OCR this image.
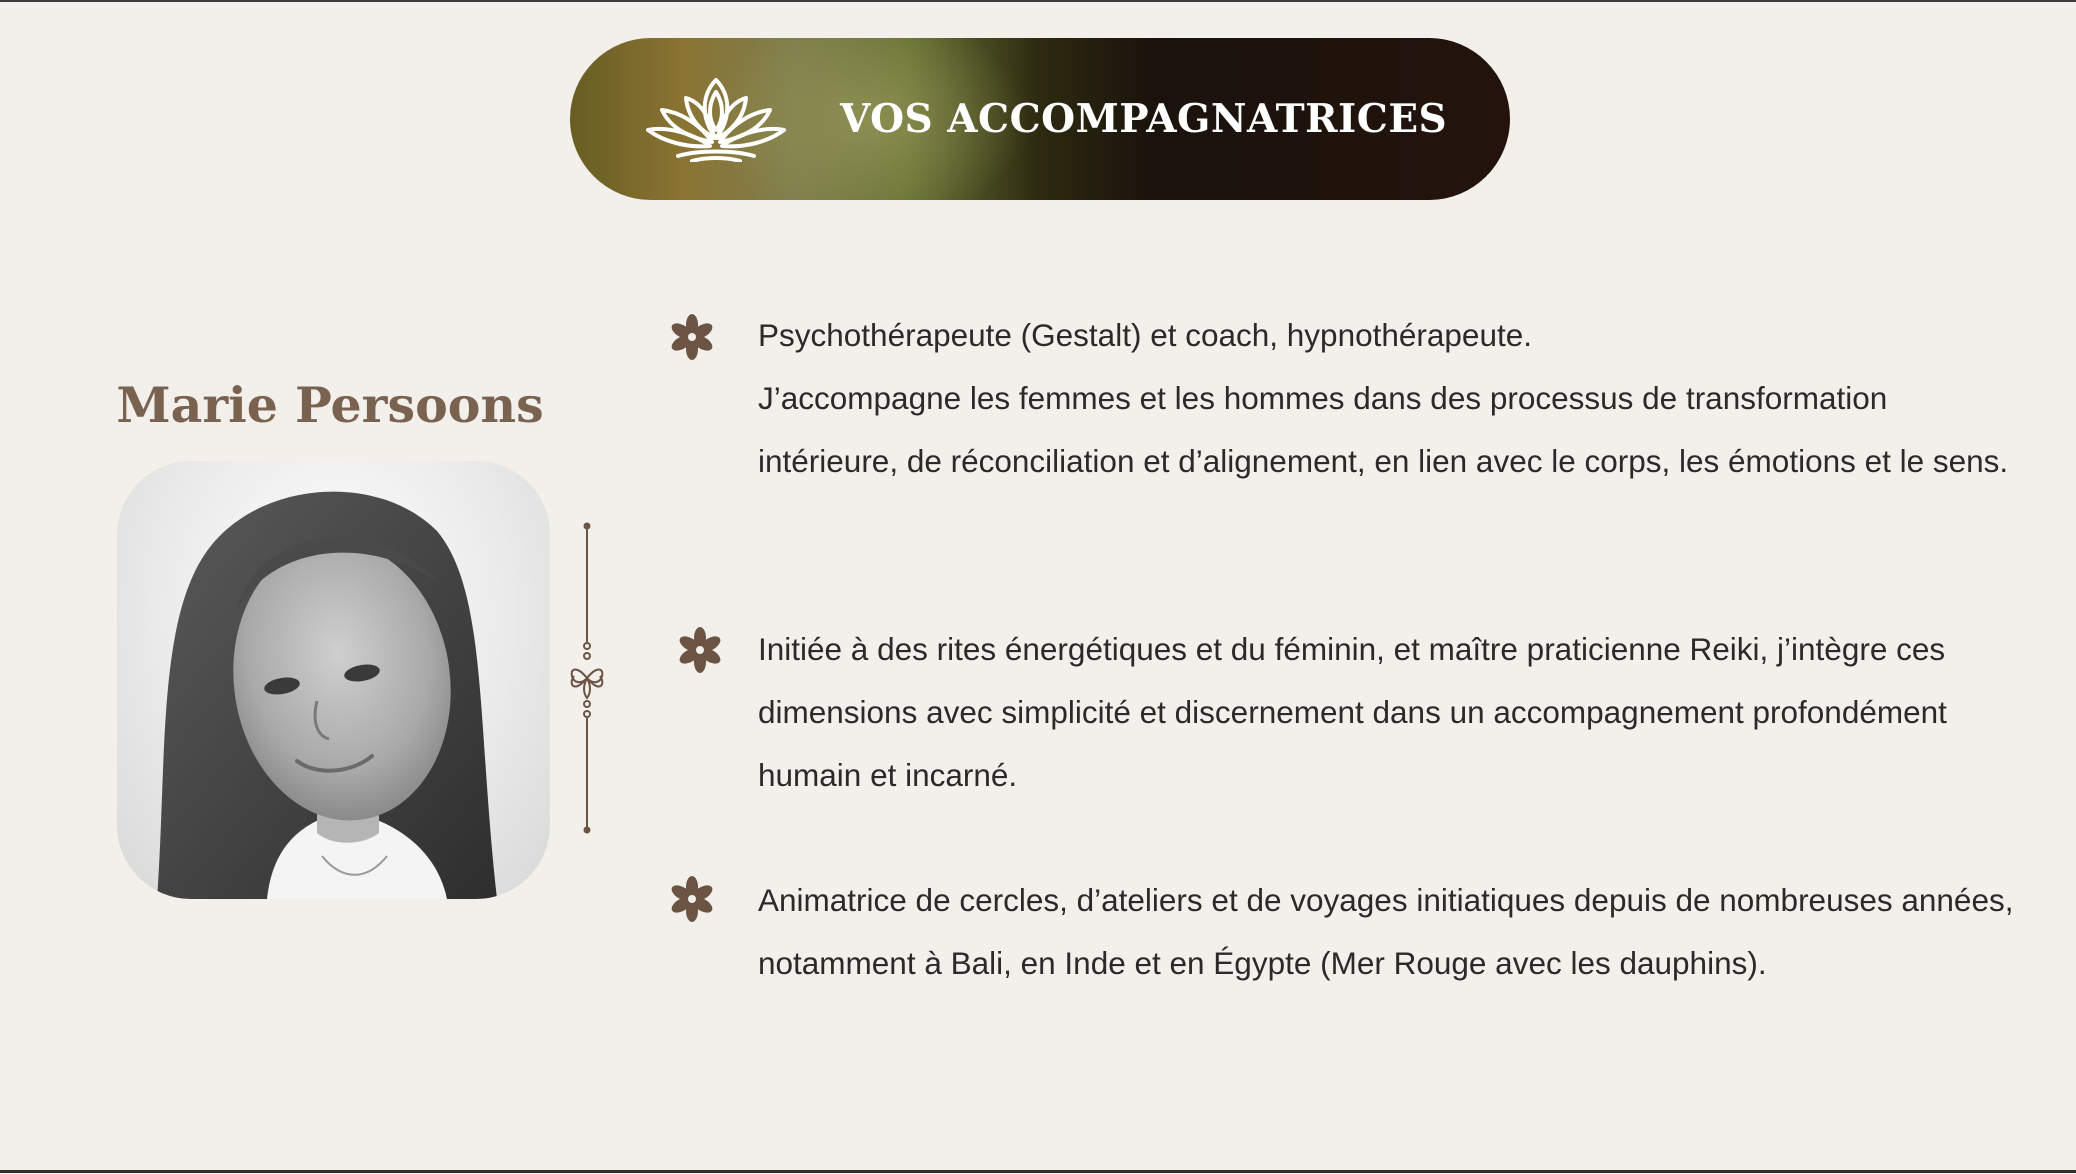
VOS ACCOMPAGNATRICES
Marie Persoons

Psychothérapeute (Gestalt) et coach, hypnothérapeute.
J’accompagne les femmes et les hommes dans des processus de transformation intérieure, de réconciliation et d’alignement, en lien avec le corps, les émotions et le sens.

Initiée à des rites énergétiques et du féminin, et maître praticienne Reiki, j’intègre ces dimensions avec simplicité et discernement dans un accompagnement profondément humain et incarné.

Animatrice de cercles, d’ateliers et de voyages initiatiques depuis de nombreuses années, notamment à Bali, en Inde et en Égypte (Mer Rouge avec les dauphins).
